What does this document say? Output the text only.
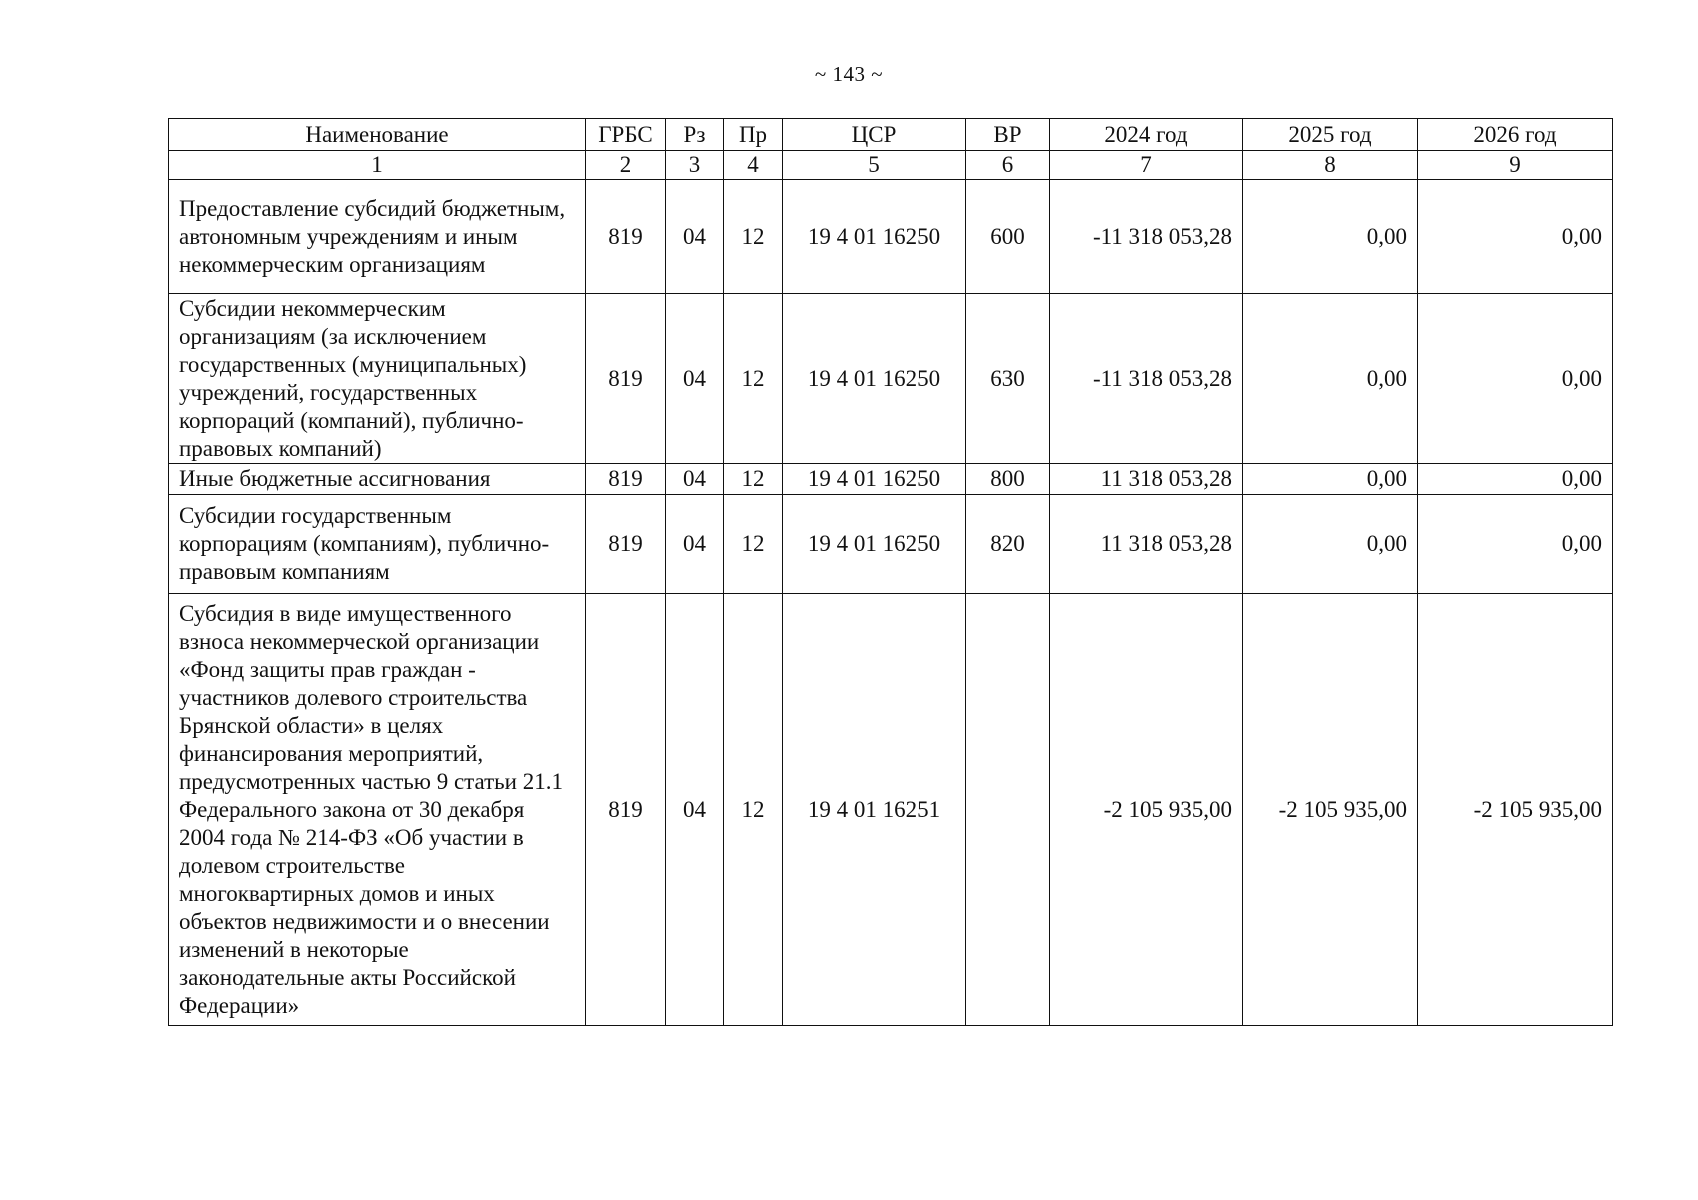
~ 143 ~
Наименование	ГРБС	Рз	Пр	ЦСР	ВР	2024 год	2025 год	2026 год
1	2	3	4	5	6	7	8	9
Предоставление субсидий бюджетным, автономным учреждениям и иным некоммерческим организациям	819	04	12	19 4 01 16250	600	-11 318 053,28	0,00	0,00
Субсидии некоммерческим организациям (за исключением государственных (муниципальных) учреждений, государственных корпораций (компаний), публично-правовых компаний)	819	04	12	19 4 01 16250	630	-11 318 053,28	0,00	0,00
Иные бюджетные ассигнования	819	04	12	19 4 01 16250	800	11 318 053,28	0,00	0,00
Субсидии государственным корпорациям (компаниям), публично-правовым компаниям	819	04	12	19 4 01 16250	820	11 318 053,28	0,00	0,00
Субсидия в виде имущественного взноса некоммерческой организации «Фонд защиты прав граждан - участников долевого строительства Брянской области» в целях финансирования мероприятий, предусмотренных частью 9 статьи 21.1 Федерального закона от 30 декабря 2004 года № 214-ФЗ «Об участии в долевом строительстве многоквартирных домов и иных объектов недвижимости и о внесении изменений в некоторые законодательные акты Российской Федерации»	819	04	12	19 4 01 16251		-2 105 935,00	-2 105 935,00	-2 105 935,00
